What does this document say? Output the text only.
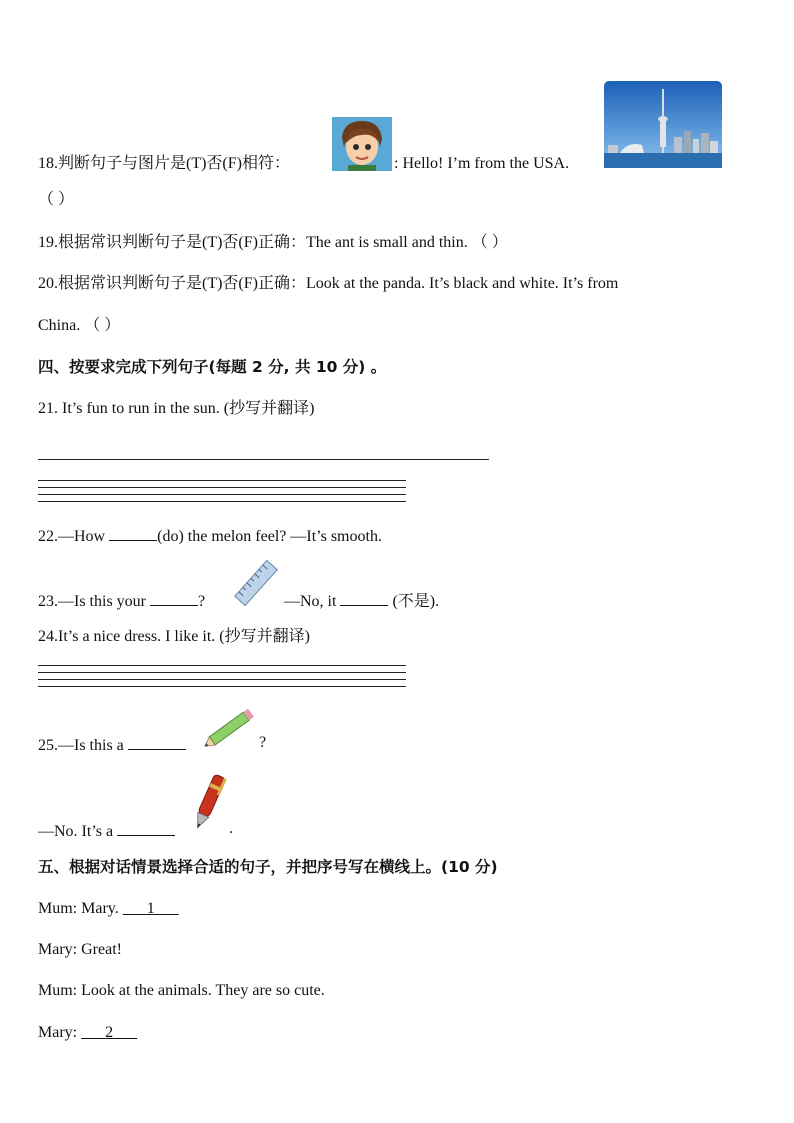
18.判断句子与图片是(T)否(F)相符：	: Hello! I’m from the USA.
（ ）
19.根据常识判断句子是(T)否(F)正确：The ant is small and thin. （ ）
20.根据常识判断句子是(T)否(F)正确：Look at the panda. It’s black and white. It’s from
China. （ ）
四、按要求完成下列句子(每题 2 分, 共 10 分) 。
21. It’s fun to run in the sun. (抄写并翻译)
22.—How	(do) the melon feel? —It’s smooth.
23.—Is this your	?	—No, it	(不是).
24.It’s a nice dress. I like it. (抄写并翻译)
25.—Is this a	?
—No. It’s a	.
五、根据对话情景选择合适的句子，并把序号写在横线上。(10 分)
Mum: Mary.       1
Mary: Great!
Mum: Look at the animals. They are so cute.
Mary:       2
